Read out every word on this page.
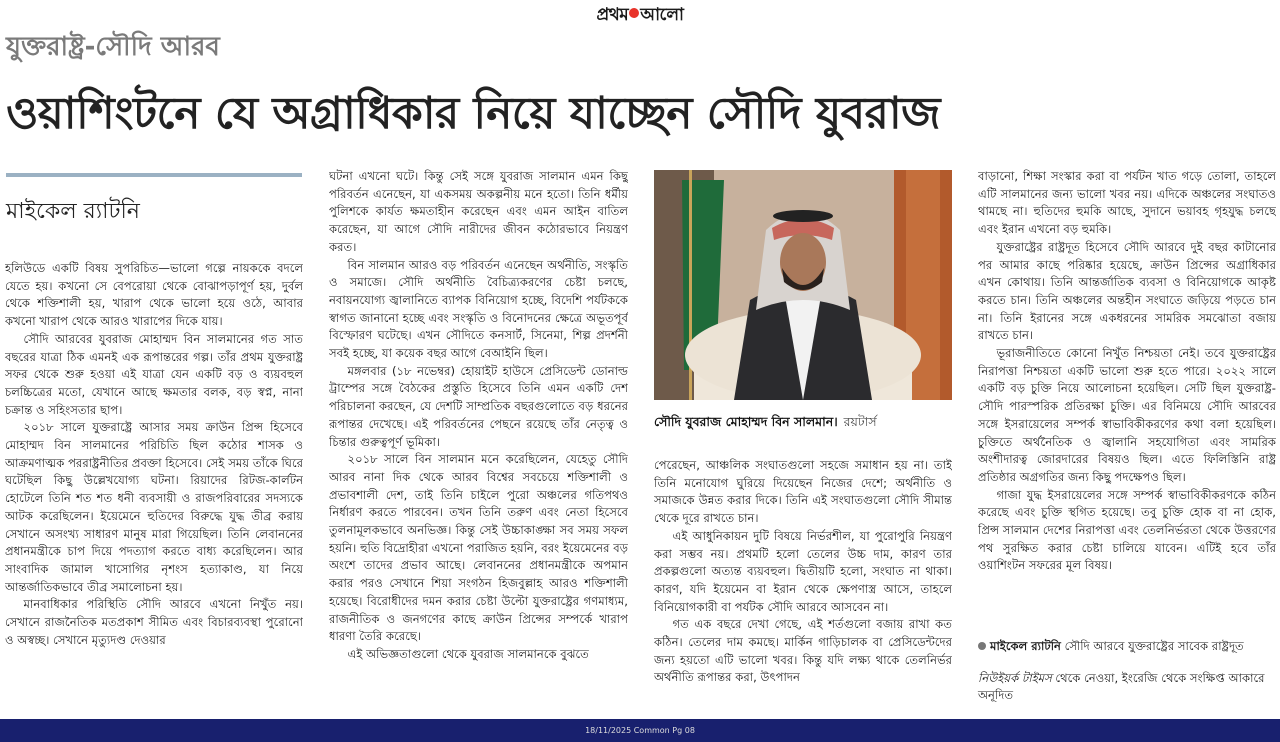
প্রথম আলো
যুক্তরাষ্ট্র-সৌদি আরব
ওয়াশিংটনে যে অগ্রাধিকার নিয়ে যাচ্ছেন সৌদি যুবরাজ
মাইকেল র‍্যাটনি

হলিউডে একটি বিষয় সুপরিচিত—ভালো গল্পে নায়ককে বদলে যেতে হয়। কখনো সে বেপরোয়া থেকে বোঝাপড়াপূর্ণ হয়, দুর্বল থেকে শক্তিশালী হয়, খারাপ থেকে ভালো হয়ে ওঠে, আবার কখনো খারাপ থেকে আরও খারাপের দিকে যায়।

সৌদি আরবের যুবরাজ মোহাম্মদ বিন সালমানের গত সাত বছরের যাত্রা ঠিক এমনই এক রূপান্তরের গল্প। তাঁর প্রথম যুক্তরাষ্ট্র সফর থেকে শুরু হওয়া এই যাত্রা যেন একটি বড় ও ব্যয়বহুল চলচ্চিত্রের মতো, যেখানে আছে ক্ষমতার বলক, বড় স্বপ্ন, নানা চক্রান্ত ও সহিংসতার ছাপ।

২০১৮ সালে যুক্তরাষ্ট্রে আসার সময় ক্রাউন প্রিন্স হিসেবে মোহাম্মদ বিন সালমানের পরিচিতি ছিল কঠোর শাসক ও আক্রমণাত্মক পররাষ্ট্রনীতির প্রবক্তা হিসেবে। সেই সময় তাঁকে ঘিরে ঘটেছিল কিছু উল্লেখযোগ্য ঘটনা। রিয়াদের রিটজ-কার্লটন হোটেলে তিনি শত শত ধনী ব্যবসায়ী ও রাজপরিবারের সদস্যকে আটক করেছিলেন। ইয়েমেনে হুতিদের বিরুদ্ধে যুদ্ধ তীব্র করায় সেখানে অসংখ্য সাধারণ মানুষ মারা গিয়েছিল। তিনি লেবাননের প্রধানমন্ত্রীকে চাপ দিয়ে পদত্যাগ করতে বাধ্য করেছিলেন। আর সাংবাদিক জামাল খাসোগির নৃশংস হত্যাকাণ্ড, যা নিয়ে আন্তর্জাতিকভাবে তীব্র সমালোচনা হয়।

মানবাধিকার পরিস্থিতি সৌদি আরবে এখনো নিখুঁত নয়। সেখানে রাজনৈতিক মতপ্রকাশ সীমিত এবং বিচারব্যবস্থা পুরোনো ও অস্বচ্ছ। সেখানে মৃত্যুদণ্ড দেওয়ার

ঘটনা এখনো ঘটে। কিন্তু সেই সঙ্গে যুবরাজ সালমান এমন কিছু পরিবর্তন এনেছেন, যা একসময় অকল্পনীয় মনে হতো। তিনি ধর্মীয় পুলিশকে কার্যত ক্ষমতাহীন করেছেন এবং এমন আইন বাতিল করেছেন, যা আগে সৌদি নারীদের জীবন কঠোরভাবে নিয়ন্ত্রণ করত।

বিন সালমান আরও বড় পরিবর্তন এনেছেন অর্থনীতি, সংস্কৃতি ও সমাজে। সৌদি অর্থনীতি বৈচিত্র্যকরণের চেষ্টা চলছে, নবায়নযোগ্য জ্বালানিতে ব্যাপক বিনিয়োগ হচ্ছে, বিদেশি পর্যটককে স্বাগত জানানো হচ্ছে এবং সংস্কৃতি ও বিনোদনের ক্ষেত্রে অভূতপূর্ব বিস্ফোরণ ঘটেছে। এখন সৌদিতে কনসার্ট, সিনেমা, শিল্প প্রদর্শনী সবই হচ্ছে, যা কয়েক বছর আগে বেআইনি ছিল।

মঙ্গলবার (১৮ নভেম্বর) হোয়াইট হাউসে প্রেসিডেন্ট ডোনাল্ড ট্রাম্পের সঙ্গে বৈঠকের প্রস্তুতি হিসেবে তিনি এমন একটি দেশ পরিচালনা করছেন, যে দেশটি সাম্প্রতিক বছরগুলোতে বড় ধরনের রূপান্তর দেখেছে। এই পরিবর্তনের পেছনে রয়েছে তাঁর নেতৃত্ব ও চিন্তার গুরুত্বপূর্ণ ভূমিকা।

২০১৮ সালে বিন সালমান মনে করেছিলেন, যেহেতু সৌদি আরব নানা দিক থেকে আরব বিশ্বের সবচেয়ে শক্তিশালী ও প্রভাবশালী দেশ, তাই তিনি চাইলে পুরো অঞ্চলের গতিপথও নির্ধারণ করতে পারবেন। তখন তিনি তরুণ এবং নেতা হিসেবে তুলনামূলকভাবে অনভিজ্ঞ। কিন্তু সেই উচ্চাকাঙ্ক্ষা সব সময় সফল হয়নি। হুতি বিদ্রোহীরা এখনো পরাজিত হয়নি, বরং ইয়েমেনের বড় অংশে তাদের প্রভাব আছে। লেবাননের প্রধানমন্ত্রীকে অপমান করার পরও সেখানে শিয়া সংগঠন হিজবুল্লাহ আরও শক্তিশালী হয়েছে। বিরোধীদের দমন করার চেষ্টা উল্টো যুক্তরাষ্ট্রের গণমাধ্যম, রাজনীতিক ও জনগণের কাছে ক্রাউন প্রিন্সের সম্পর্কে খারাপ ধারণা তৈরি করেছে।

এই অভিজ্ঞতাগুলো থেকে যুবরাজ সালমানকে বুঝতে

সৌদি যুবরাজ মোহাম্মদ বিন সালমান। রয়টার্স

পেরেছেন, আঞ্চলিক সংঘাতগুলো সহজে সমাধান হয় না। তাই তিনি মনোযোগ ঘুরিয়ে দিয়েছেন নিজের দেশে; অর্থনীতি ও সমাজকে উন্নত করার দিকে। তিনি এই সংঘাতগুলো সৌদি সীমান্ত থেকে দূরে রাখতে চান।

এই আধুনিকায়ন দুটি বিষয়ে নির্ভরশীল, যা পুরোপুরি নিয়ন্ত্রণ করা সম্ভব নয়। প্রথমটি হলো তেলের উচ্চ দাম, কারণ তার প্রকল্পগুলো অত্যন্ত ব্যয়বহুল। দ্বিতীয়টি হলো, সংঘাত না থাকা। কারণ, যদি ইয়েমেন বা ইরান থেকে ক্ষেপণাস্ত্র আসে, তাহলে বিনিয়োগকারী বা পর্যটক সৌদি আরবে আসবেন না।

গত এক বছরে দেখা গেছে, এই শর্তগুলো বজায় রাখা কত কঠিন। তেলের দাম কমছে। মার্কিন গাড়িচালক বা প্রেসিডেন্টদের জন্য হয়তো এটি ভালো খবর। কিন্তু যদি লক্ষ্য থাকে তেলনির্ভর অর্থনীতি রূপান্তর করা, উৎপাদন

বাড়ানো, শিক্ষা সংস্কার করা বা পর্যটন খাত গড়ে তোলা, তাহলে এটি সালমানের জন্য ভালো খবর নয়। এদিকে অঞ্চলের সংঘাতও থামছে না। হুতিদের হুমকি আছে, সুদানে ভয়াবহ গৃহযুদ্ধ চলছে এবং ইরান এখনো বড় হুমকি।

যুক্তরাষ্ট্রের রাষ্ট্রদূত হিসেবে সৌদি আরবে দুই বছর কাটানোর পর আমার কাছে পরিষ্কার হয়েছে, ক্রাউন প্রিন্সের অগ্রাধিকার এখন কোথায়। তিনি আন্তর্জাতিক ব্যবসা ও বিনিয়োগকে আকৃষ্ট করতে চান। তিনি অঞ্চলের অন্তহীন সংঘাতে জড়িয়ে পড়তে চান না। তিনি ইরানের সঙ্গে একধরনের সামরিক সমঝোতা বজায় রাখতে চান।

ভূরাজনীতিতে কোনো নিখুঁত নিশ্চয়তা নেই। তবে যুক্তরাষ্ট্রের নিরাপত্তা নিশ্চয়তা একটি ভালো শুরু হতে পারে। ২০২২ সালে একটি বড় চুক্তি নিয়ে আলোচনা হয়েছিল। সেটি ছিল যুক্তরাষ্ট্র-সৌদি পারস্পরিক প্রতিরক্ষা চুক্তি। এর বিনিময়ে সৌদি আরবের সঙ্গে ইসরায়েলের সম্পর্ক স্বাভাবিকীকরণের কথা বলা হয়েছিল। চুক্তিতে অর্থনৈতিক ও জ্বালানি সহযোগিতা এবং সামরিক অংশীদারত্ব জোরদারের বিষয়ও ছিল। এতে ফিলিস্তিনি রাষ্ট্র প্রতিষ্ঠার অগ্রগতির জন্য কিছু পদক্ষেপও ছিল।

গাজা যুদ্ধ ইসরায়েলের সঙ্গে সম্পর্ক স্বাভাবিকীকরণকে কঠিন করেছে এবং চুক্তি স্থগিত হয়েছে। তবু চুক্তি হোক বা না হোক, প্রিন্স সালমান দেশের নিরাপত্তা এবং তেলনির্ভরতা থেকে উত্তরণের পথ সুরক্ষিত করার চেষ্টা চালিয়ে যাবেন। এটিই হবে তাঁর ওয়াশিংটন সফরের মূল বিষয়।

মাইকেল র‍্যাটনি সৌদি আরবে যুক্তরাষ্ট্রের সাবেক রাষ্ট্রদূত
নিউইয়র্ক টাইমস থেকে নেওয়া, ইংরেজি থেকে সংক্ষিপ্ত আকারে অনূদিত
18/11/2025 Common Pg 08
